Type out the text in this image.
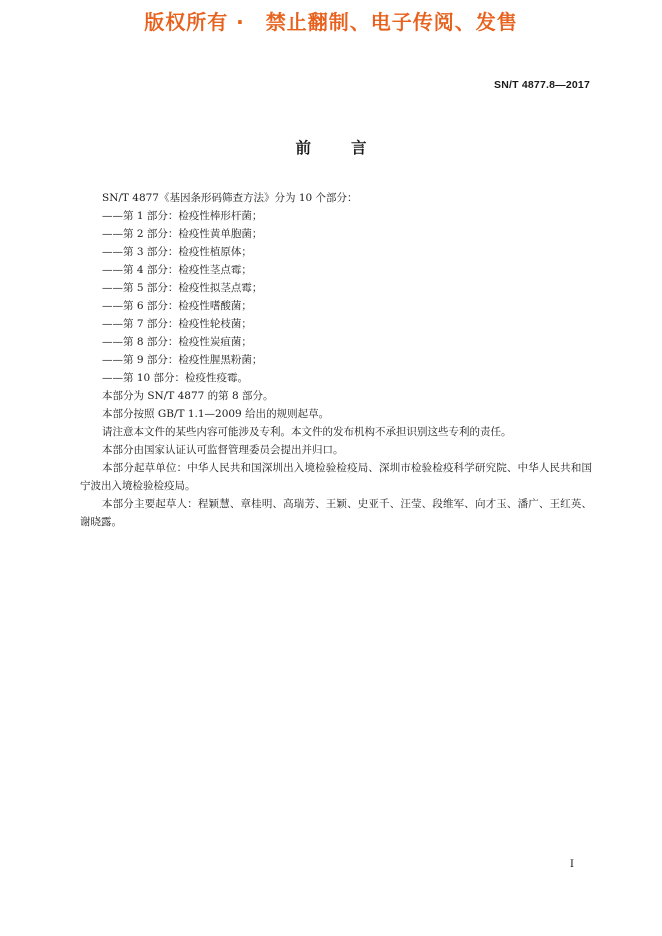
版权所有 ·　禁止翻制、电子传阅、发售
SN/T 4877.8—2017
前言

SN/T 4877《基因条形码筛查方法》分为 10 个部分：

—— 第 1 部分：检疫性棒形杆菌；
—— 第 2 部分：检疫性黄单胞菌；
—— 第 3 部分：检疫性植原体；
—— 第 4 部分：检疫性茎点霉；
—— 第 5 部分：检疫性拟茎点霉；
—— 第 6 部分：检疫性嗜酸菌；
—— 第 7 部分：检疫性轮枝菌；
—— 第 8 部分：检疫性炭疽菌；
—— 第 9 部分：检疫性腥黑粉菌；
—— 第 10 部分：检疫性疫霉。

本部分为 SN/T 4877 的第 8 部分。

本部分按照 GB/T 1.1—2009 给出的规则起草。

请注意本文件的某些内容可能涉及专利。本文件的发布机构不承担识别这些专利的责任。

本部分由国家认证认可监督管理委员会提出并归口。

本部分起草单位：中华人民共和国深圳出入境检验检疫局、深圳市检验检疫科学研究院、中华人民共和国宁波出入境检验检疫局。

本部分主要起草人：程颖慧、章桂明、高瑞芳、王颖、史亚千、汪莹、段维军、向才玉、潘广、王红英、谢晓露。

I
